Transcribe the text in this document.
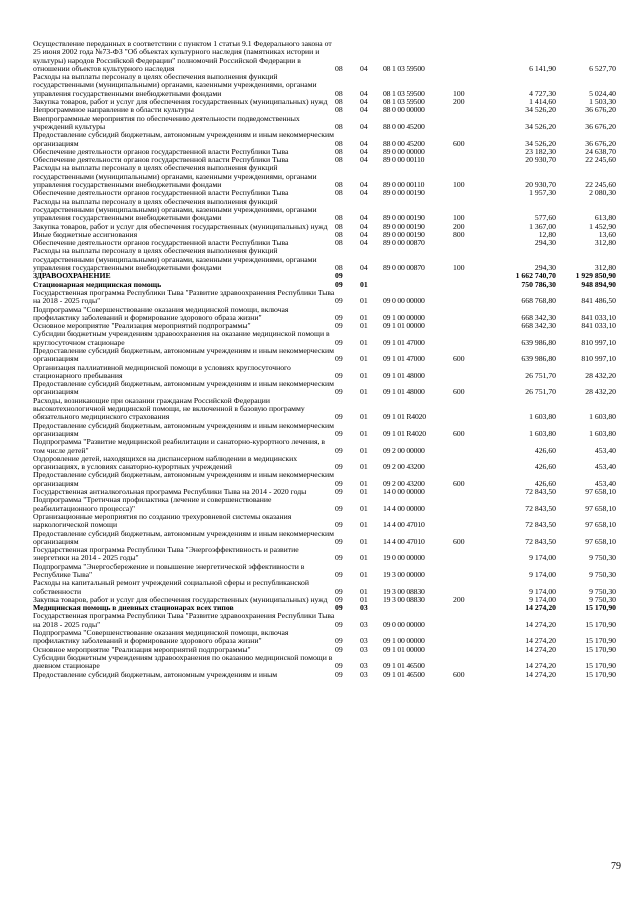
Осуществление переданных в соответствии с пунктом 1 статьи 9.1 Федерального закона от 25 июня 2002 года №73-ФЗ "Об объектах культурного наследия (памятниках истории и культуры) народов Российской Федерации" полномочий Российской Федерации в отношении объектов культурного наследия	08	04	08 1 03 59500		6 141,90	6 527,70
Расходы на выплаты персоналу в целях обеспечения выполнения функций государственными (муниципальными) органами, казенными учреждениями, органами управления государственными внебюджетными фондами	08	04	08 1 03 59500	100	4 727,30	5 024,40
Закупка товаров, работ и услуг для обеспечения государственных (муниципальных) нужд	08	04	08 1 03 59500	200	1 414,60	1 503,30
Непрограммное направление в области культуры	08	04	88 0 00 00000		34 526,20	36 676,20
Внепрограммные мероприятия по обеспечению деятельности подведомственных учреждений культуры	08	04	88 0 00 45200		34 526,20	36 676,20
Предоставление субсидий бюджетным, автономным учреждениям и иным некоммерческим организациям	08	04	88 0 00 45200	600	34 526,20	36 676,20
Обеспечение деятельности органов государственной власти Республики Тыва	08	04	89 0 00 00000		23 182,30	24 638,70
Обеспечение деятельности органов государственной власти Республики Тыва	08	04	89 0 00 00110		20 930,70	22 245,60
Расходы на выплаты персоналу в целях обеспечения выполнения функций государственными (муниципальными) органами, казенными учреждениями, органами управления государственными внебюджетными фондами	08	04	89 0 00 00110	100	20 930,70	22 245,60
Обеспечение деятельности органов государственной власти Республики Тыва	08	04	89 0 00 00190		1 957,30	2 080,30
Расходы на выплаты персоналу в целях обеспечения выполнения функций государственными (муниципальными) органами, казенными учреждениями, органами управления государственными внебюджетными фондами	08	04	89 0 00 00190	100	577,60	613,80
Закупка товаров, работ и услуг для обеспечения государственных (муниципальных) нужд	08	04	89 0 00 00190	200	1 367,00	1 452,90
Иные бюджетные ассигнования	08	04	89 0 00 00190	800	12,80	13,60
Обеспечение деятельности органов государственной власти Республики Тыва	08	04	89 0 00 00870		294,30	312,80
Расходы на выплаты персоналу в целях обеспечения выполнения функций государственными (муниципальными) органами, казенными учреждениями, органами управления государственными внебюджетными фондами	08	04	89 0 00 00870	100	294,30	312,80
ЗДРАВООХРАНЕНИЕ	09				1 662 740,70	1 929 850,90
Стационарная медицинская помощь	09	01			750 786,30	948 894,90
Государственная программа Республики Тыва "Развитие здравоохранения Республики Тыва на 2018 - 2025 годы"	09	01	09 0 00 00000		668 768,80	841 486,50
Подпрограмма "Совершенствование оказания медицинской помощи, включая профилактику заболеваний и формирование здорового образа жизни"	09	01	09 1 00 00000		668 342,30	841 033,10
Основное мероприятие "Реализация мероприятий подпрограммы"	09	01	09 1 01 00000		668 342,30	841 033,10
Субсидии бюджетным учреждениям здравоохранения на оказание медицинской помощи в круглосуточном стационаре	09	01	09 1 01 47000		639 986,80	810 997,10
Предоставление субсидий бюджетным, автономным учреждениям и иным некоммерческим организациям	09	01	09 1 01 47000	600	639 986,80	810 997,10
Организация паллиативной медицинской помощи в условиях круглосуточного стационарного пребывания	09	01	09 1 01 48000		26 751,70	28 432,20
Предоставление субсидий бюджетным, автономным учреждениям и иным некоммерческим организациям	09	01	09 1 01 48000	600	26 751,70	28 432,20
Расходы, возникающие при оказании гражданам Российской Федерации высокотехнологичной медицинской помощи, не включенной в базовую программу обязательного медицинского страхования	09	01	09 1 01 R4020		1 603,80	1 603,80
Предоставление субсидий бюджетным, автономным учреждениям и иным некоммерческим организациям	09	01	09 1 01 R4020	600	1 603,80	1 603,80
Подпрограмма "Развитие медицинской реабилитации и санаторно-курортного лечения, в том числе детей"	09	01	09 2 00 00000		426,60	453,40
Оздоровление детей, находящихся на диспансерном наблюдении в медицинских организациях, в условиях санаторно-курортных учреждений	09	01	09 2 00 43200		426,60	453,40
Предоставление субсидий бюджетным, автономным учреждениям и иным некоммерческим организациям	09	01	09 2 00 43200	600	426,60	453,40
Государственная антиалкогольная программа Республики Тыва на 2014 - 2020 годы	09	01	14 0 00 00000		72 843,50	97 658,10
Подпрограмма "Третичная профилактика (лечение и совершенствование реабилитационного процесса)"	09	01	14 4 00 00000		72 843,50	97 658,10
Организационные мероприятия по созданию трехуровневой системы оказания наркологической помощи	09	01	14 4 00 47010		72 843,50	97 658,10
Предоставление субсидий бюджетным, автономным учреждениям и иным некоммерческим организациям	09	01	14 4 00 47010	600	72 843,50	97 658,10
Государственная программа Республики Тыва "Энергоэффективность и развитие энергетики на 2014 - 2025 годы"	09	01	19 0 00 00000		9 174,00	9 750,30
Подпрограмма "Энергосбережение и повышение энергетической эффективности в Республике Тыва"	09	01	19 3 00 00000		9 174,00	9 750,30
Расходы на капитальный ремонт учреждений социальной сферы и республиканской собственности	09	01	19 3 00 08830		9 174,00	9 750,30
Закупка товаров, работ и услуг для обеспечения государственных (муниципальных) нужд	09	01	19 3 00 08830	200	9 174,00	9 750,30
Медицинская помощь в дневных стационарах всех типов	09	03			14 274,20	15 170,90
Государственная программа Республики Тыва "Развитие здравоохранения Республики Тыва на 2018 - 2025 годы"	09	03	09 0 00 00000		14 274,20	15 170,90
Подпрограмма "Совершенствование оказания медицинской помощи, включая профилактику заболеваний и формирование здорового образа жизни"	09	03	09 1 00 00000		14 274,20	15 170,90
Основное мероприятие "Реализация мероприятий подпрограммы"	09	03	09 1 01 00000		14 274,20	15 170,90
Субсидии бюджетным учреждениям здравоохранения по оказанию медицинской помощи в дневном стационаре	09	03	09 1 01 46500		14 274,20	15 170,90
Предоставление субсидий бюджетным, автономным учреждениям и иным	09	03	09 1 01 46500	600	14 274,20	15 170,90
79
